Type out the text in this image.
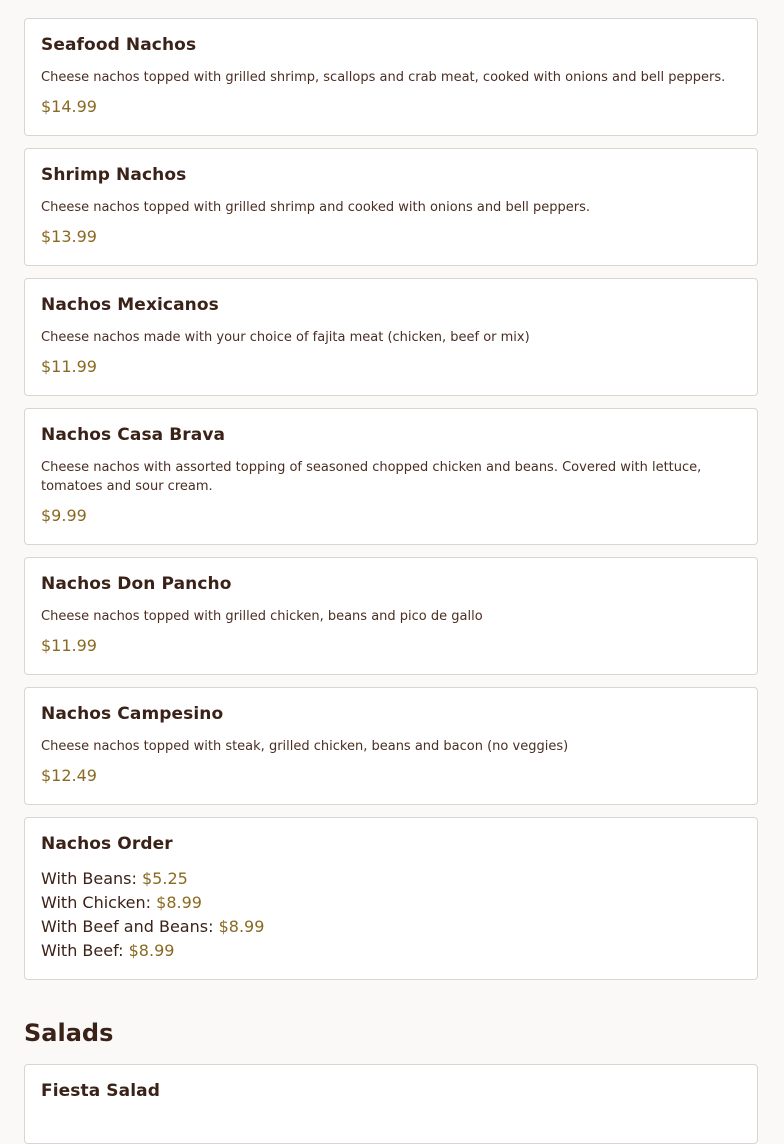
Seafood Nachos
Cheese nachos topped with grilled shrimp, scallops and crab meat, cooked with onions and bell peppers.
$14.99
Shrimp Nachos
Cheese nachos topped with grilled shrimp and cooked with onions and bell peppers.
$13.99
Nachos Mexicanos
Cheese nachos made with your choice of fajita meat (chicken, beef or mix)
$11.99
Nachos Casa Brava
Cheese nachos with assorted topping of seasoned chopped chicken and beans. Covered with lettuce, tomatoes and sour cream.
$9.99
Nachos Don Pancho
Cheese nachos topped with grilled chicken, beans and pico de gallo
$11.99
Nachos Campesino
Cheese nachos topped with steak, grilled chicken, beans and bacon (no veggies)
$12.49
Nachos Order
With Beans: $5.25
With Chicken: $8.99
With Beef and Beans: $8.99
With Beef: $8.99
Salads
Fiesta Salad
